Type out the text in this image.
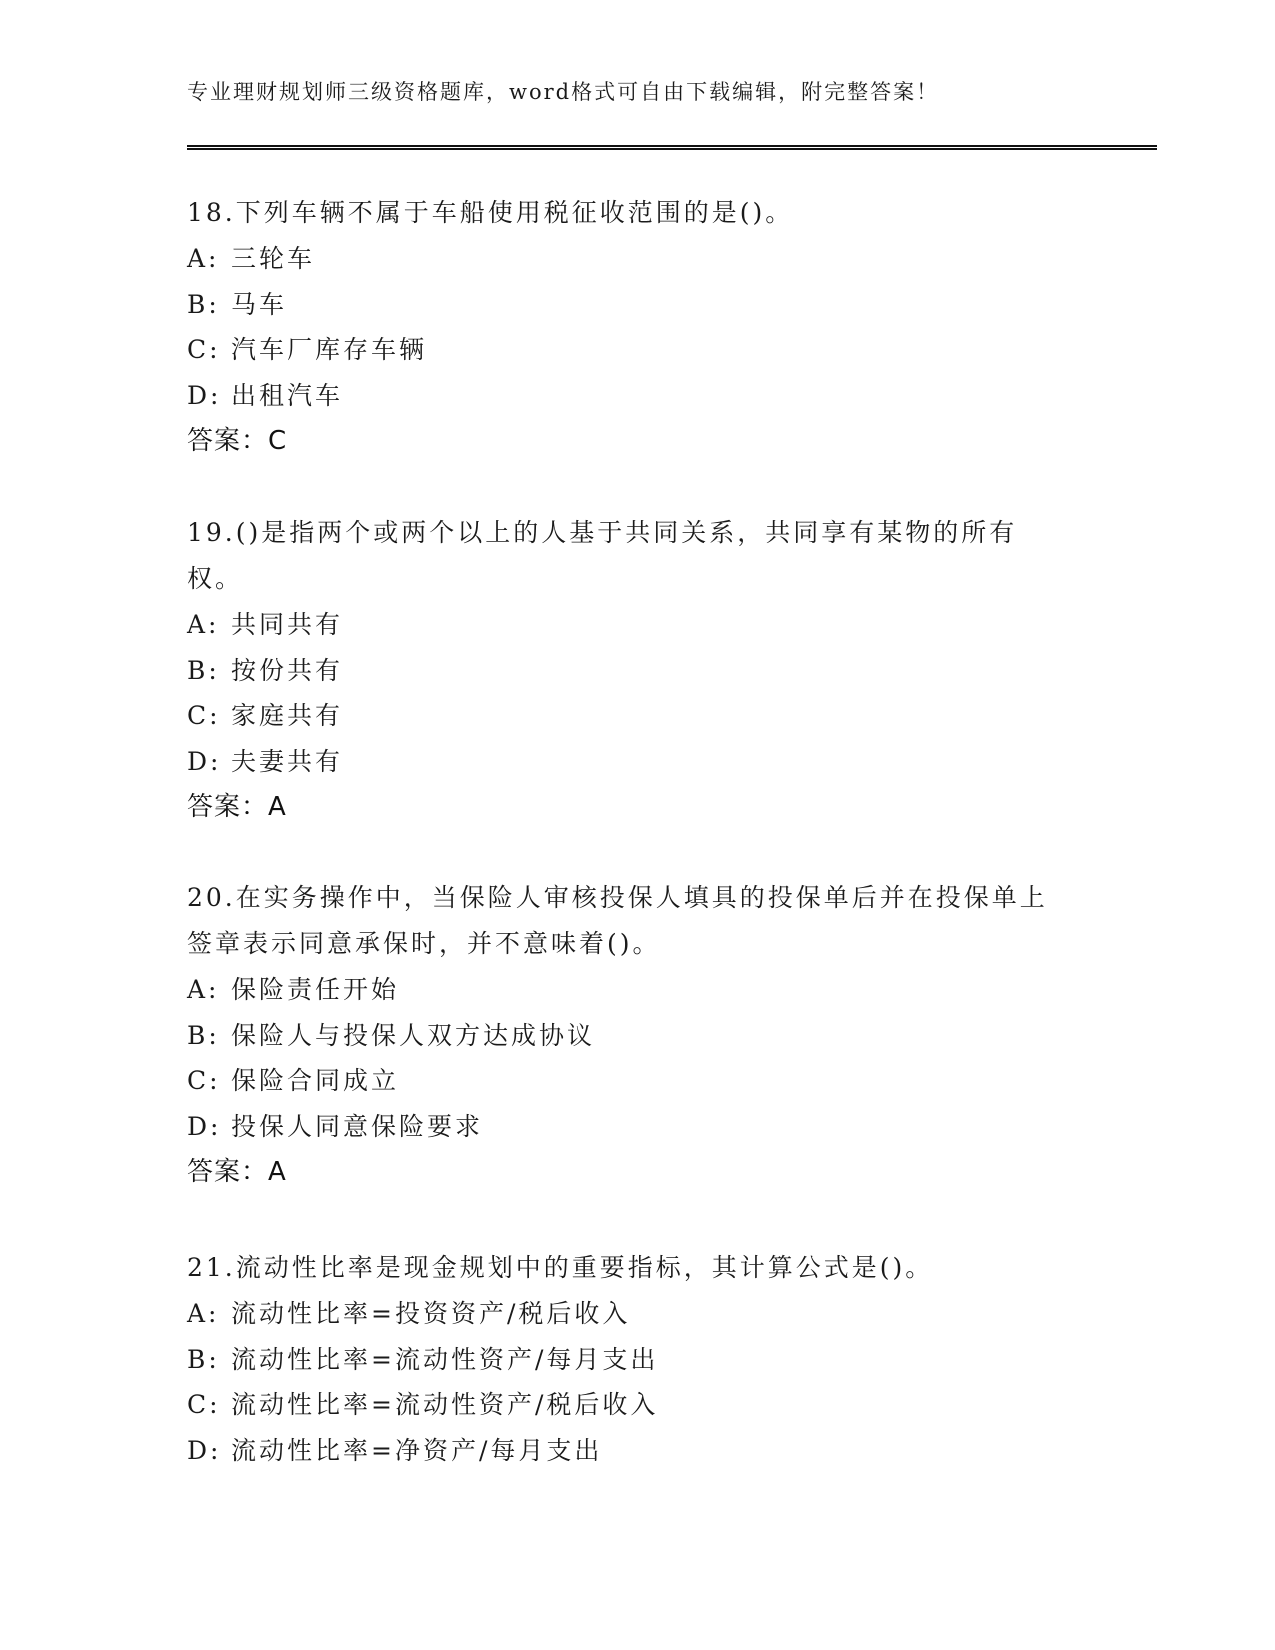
专业理财规划师三级资格题库，word格式可自由下载编辑，附完整答案！

18.下列车辆不属于车船使用税征收范围的是()。

A: 三轮车

B: 马车

C: 汽车厂库存车辆

D: 出租汽车

答案：C

19.()是指两个或两个以上的人基于共同关系，共同享有某物的所有权。

A: 共同共有

B: 按份共有

C: 家庭共有

D: 夫妻共有

答案：A

20.在实务操作中，当保险人审核投保人填具的投保单后并在投保单上签章表示同意承保时，并不意味着()。

A: 保险责任开始

B: 保险人与投保人双方达成协议

C: 保险合同成立

D: 投保人同意保险要求

答案：A

21.流动性比率是现金规划中的重要指标，其计算公式是()。

A: 流动性比率=投资资产/税后收入

B: 流动性比率=流动性资产/每月支出

C: 流动性比率=流动性资产/税后收入

D: 流动性比率=净资产/每月支出
